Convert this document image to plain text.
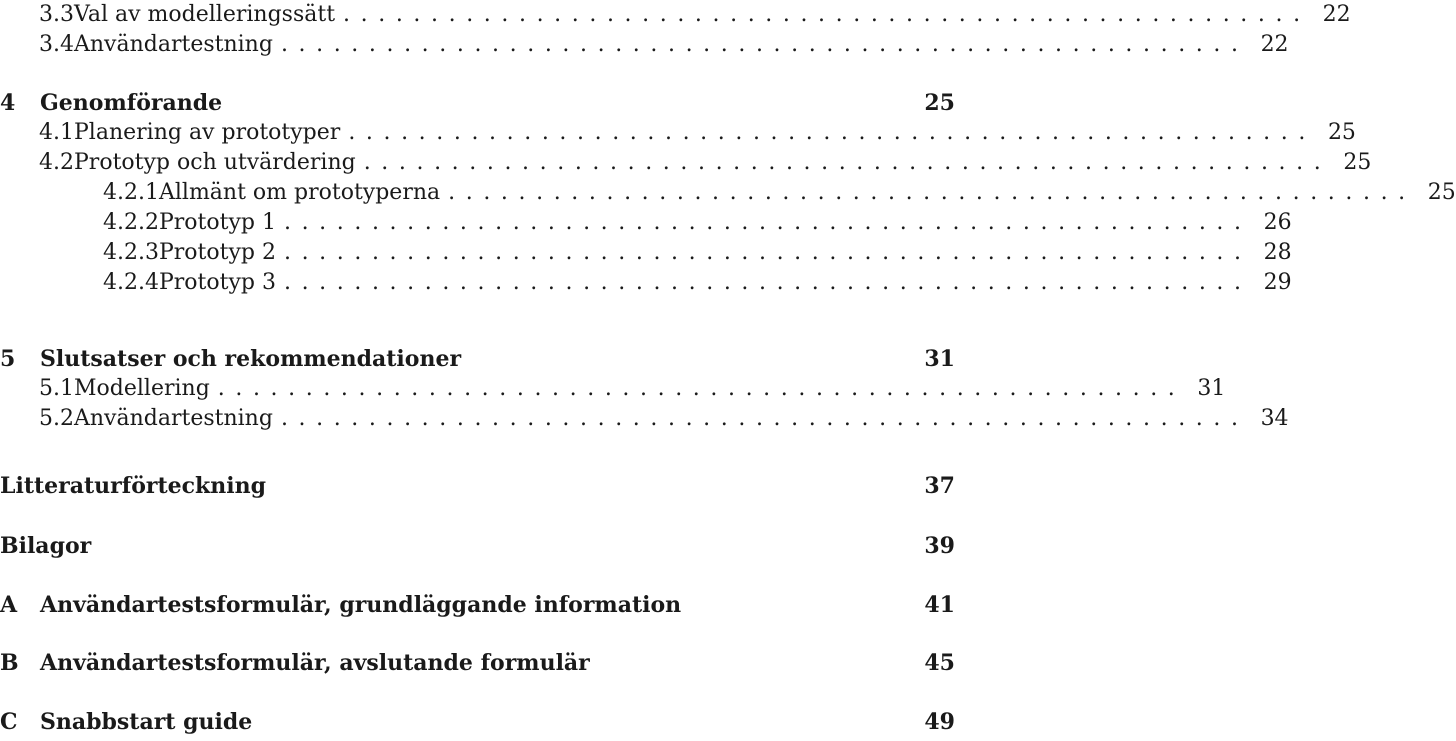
3.3 Val av modelleringssätt ....................................................... 22
3.4 Användartestning ....................................................... 22
4	Genomförande	25
4.1 Planering av prototyper ....................................................... 25
4.2 Prototyp och utvärdering ....................................................... 25
4.2.1 Allmänt om prototyperna ....................................................... 25
4.2.2 Prototyp 1 ....................................................... 26
4.2.3 Prototyp 2 ....................................................... 28
4.2.4 Prototyp 3 ....................................................... 29
5	Slutsatser och rekommendationer	31
5.1 Modellering ....................................................... 31
5.2 Användartestning ....................................................... 34
Litteraturförteckning	37
Bilagor	39
A	Användartestsformulär, grundläggande information	41
B Användartestsformulär, avslutande formulär	45
C	Snabbstart guide	49
